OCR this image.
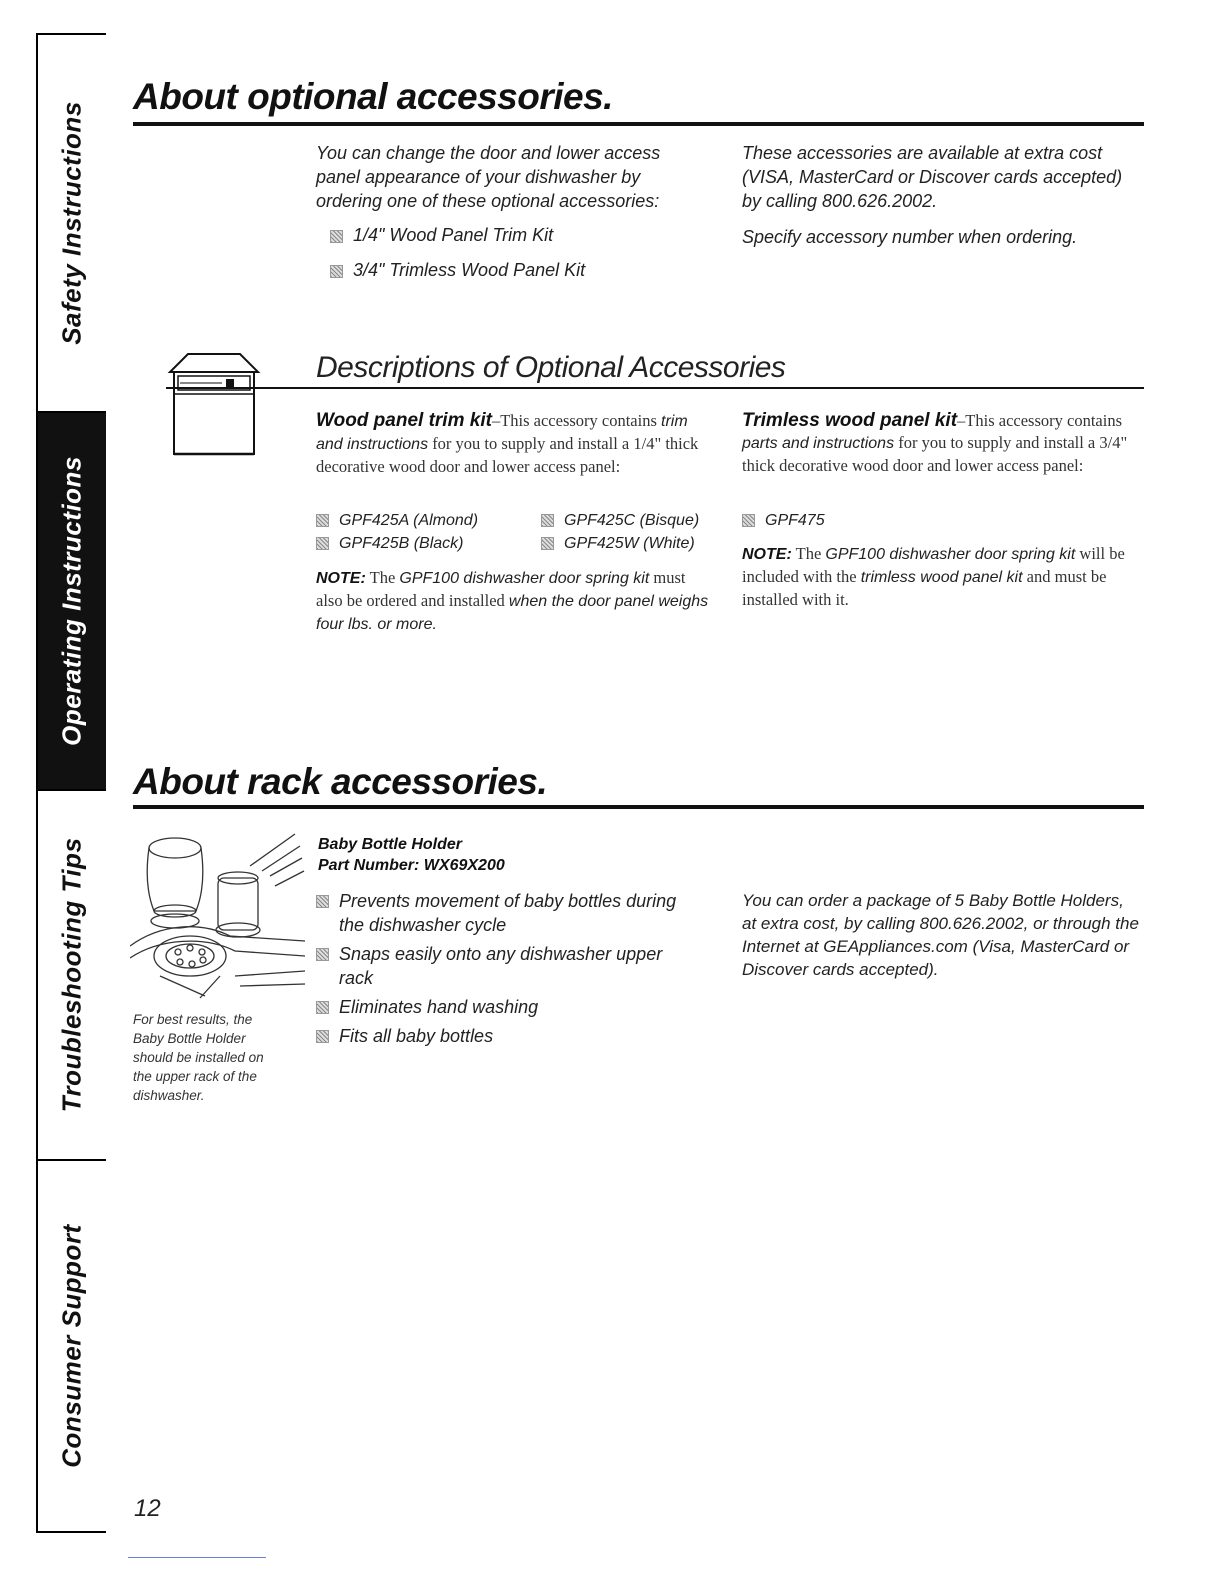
Safety Instructions
Operating Instructions
Troubleshooting Tips
Consumer Support
About optional accessories.
You can change the door and lower access panel appearance of your dishwasher by ordering one of these optional accessories:
1/4" Wood Panel Trim Kit
3/4" Trimless Wood Panel Kit
These accessories are available at extra cost (VISA, MasterCard or Discover cards accepted) by calling 800.626.2002.
Specify accessory number when ordering.
Descriptions of Optional Accessories
Wood panel trim kit–This accessory contains trim and instructions for you to supply and install a 1/4" thick decorative wood door and lower access panel:
GPF425A (Almond)	GPF425C (Bisque)
GPF425B (Black)	GPF425W (White)
NOTE: The GPF100 dishwasher door spring kit must also be ordered and installed when the door panel weighs four lbs. or more.
Trimless wood panel kit–This accessory contains parts and instructions for you to supply and install a 3/4" thick decorative wood door and lower access panel:
GPF475
NOTE: The GPF100 dishwasher door spring kit will be included with the trimless wood panel kit and must be installed with it.
About rack accessories.
For best results, the Baby Bottle Holder should be installed on the upper rack of the dishwasher.
Baby Bottle Holder
Part Number: WX69X200
Prevents movement of baby bottles during the dishwasher cycle
Snaps easily onto any dishwasher upper rack
Eliminates hand washing
Fits all baby bottles
You can order a package of 5 Baby Bottle Holders, at extra cost, by calling 800.626.2002, or through the Internet at GEAppliances.com (Visa, MasterCard or Discover cards accepted).
12
